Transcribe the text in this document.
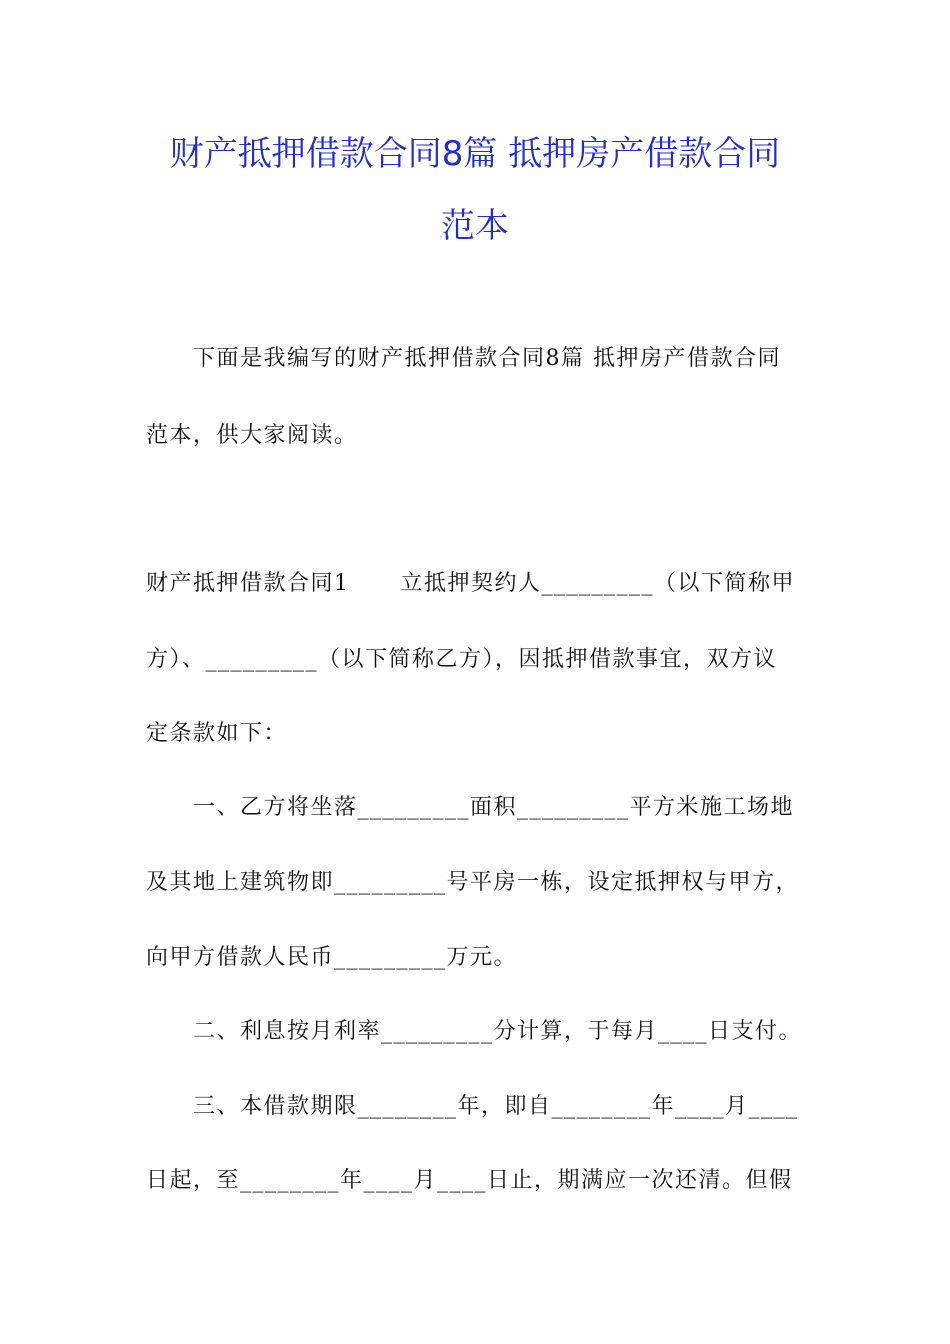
财产抵押借款合同8篇 抵押房产借款合同
范本
下面是我编写的财产抵押借款合同8篇 抵押房产借款合同
范本，供大家阅读。
财产抵押借款合同1      立抵押契约人_________（以下简称甲
方）、_________（以下简称乙方），因抵押借款事宜，双方议
定条款如下：
一、乙方将坐落_________面积_________平方米施工场地
及其地上建筑物即_________号平房一栋，设定抵押权与甲方，
向甲方借款人民币_________万元。
二、利息按月利率_________分计算，于每月____日支付。
三、本借款期限________年，即自________年____月____
日起，至________年____月____日止，期满应一次还清。但假
